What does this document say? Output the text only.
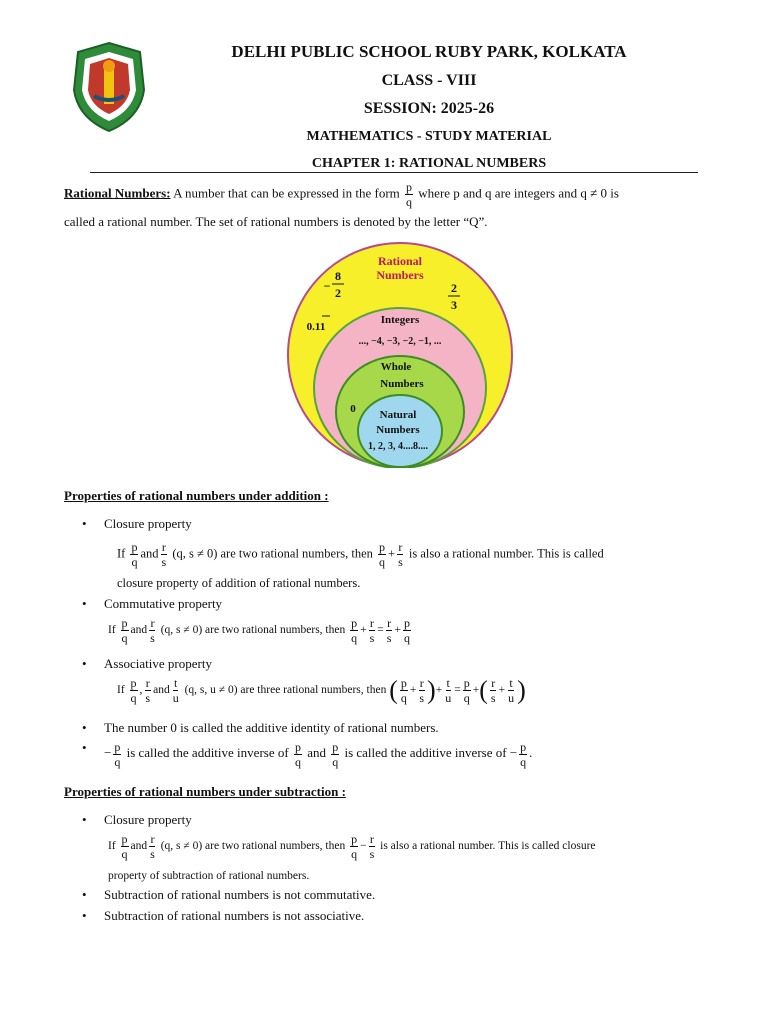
DELHI PUBLIC SCHOOL RUBY PARK, KOLKATA
CLASS - VIII
SESSION: 2025-26
MATHEMATICS - STUDY MATERIAL
CHAPTER 1: RATIONAL NUMBERS
Rational Numbers: A number that can be expressed in the form $\frac{p}{q}$ where p and q are integers and q ≠ 0 is
called a rational number. The set of rational numbers is denoted by the letter “Q”.
Rational
Numbers
8
− 2	2
3
0.11
Integers
..., −4, −3, −2, −1, ...
Whole
Numbers
0 Natural
Numbers
1, 2, 3, 4....8....
Properties of rational numbers under addition :
• Closure property
If $\frac{p}{q}$ and $\frac{r}{s} (q$, s ≠ 0) are two rational numbers, then $\frac{p}{q} + \frac{r}{s}$ is also a rational number. This is called
closure property of addition of rational numbers.
• Commutative property
If $\frac{p}{q}$ and $\frac{r}{s} (q$, s ≠ 0) are two rational numbers, then $\frac{p}{q} + \frac{r}{s} = \frac{r}{s} + \frac{p}{q}$
• Associative property
If $\frac{p}{q}$ , $\frac{r}{s}$ and $\frac{t}{u} (q$, s, u ≠ 0) are three rational numbers, then ( $\frac{p}{q} + \frac{r}{s}$ )+ $\frac{t}{u} = \frac{p}{q}$ +( $\frac{r}{s} + \frac{t}{u}$ )
• The number 0 is called the additive identity of rational numbers.
• − $\frac{p}{q}$ is called the additive inverse of $\frac{p}{q}$ and $\frac{p}{q}$ is called the additive inverse of − $\frac{p}{q}$ .
Properties of rational numbers under subtraction :
• Closure property
If $\frac{p}{q}$ and $\frac{r}{s} (q$, s ≠ 0) are two rational numbers, then $\frac{p}{q} - \frac{r}{s}$ is also a rational number. This is called closure
property of subtraction of rational numbers.
• Subtraction of rational numbers is not commutative.
• Subtraction of rational numbers is not associative.
